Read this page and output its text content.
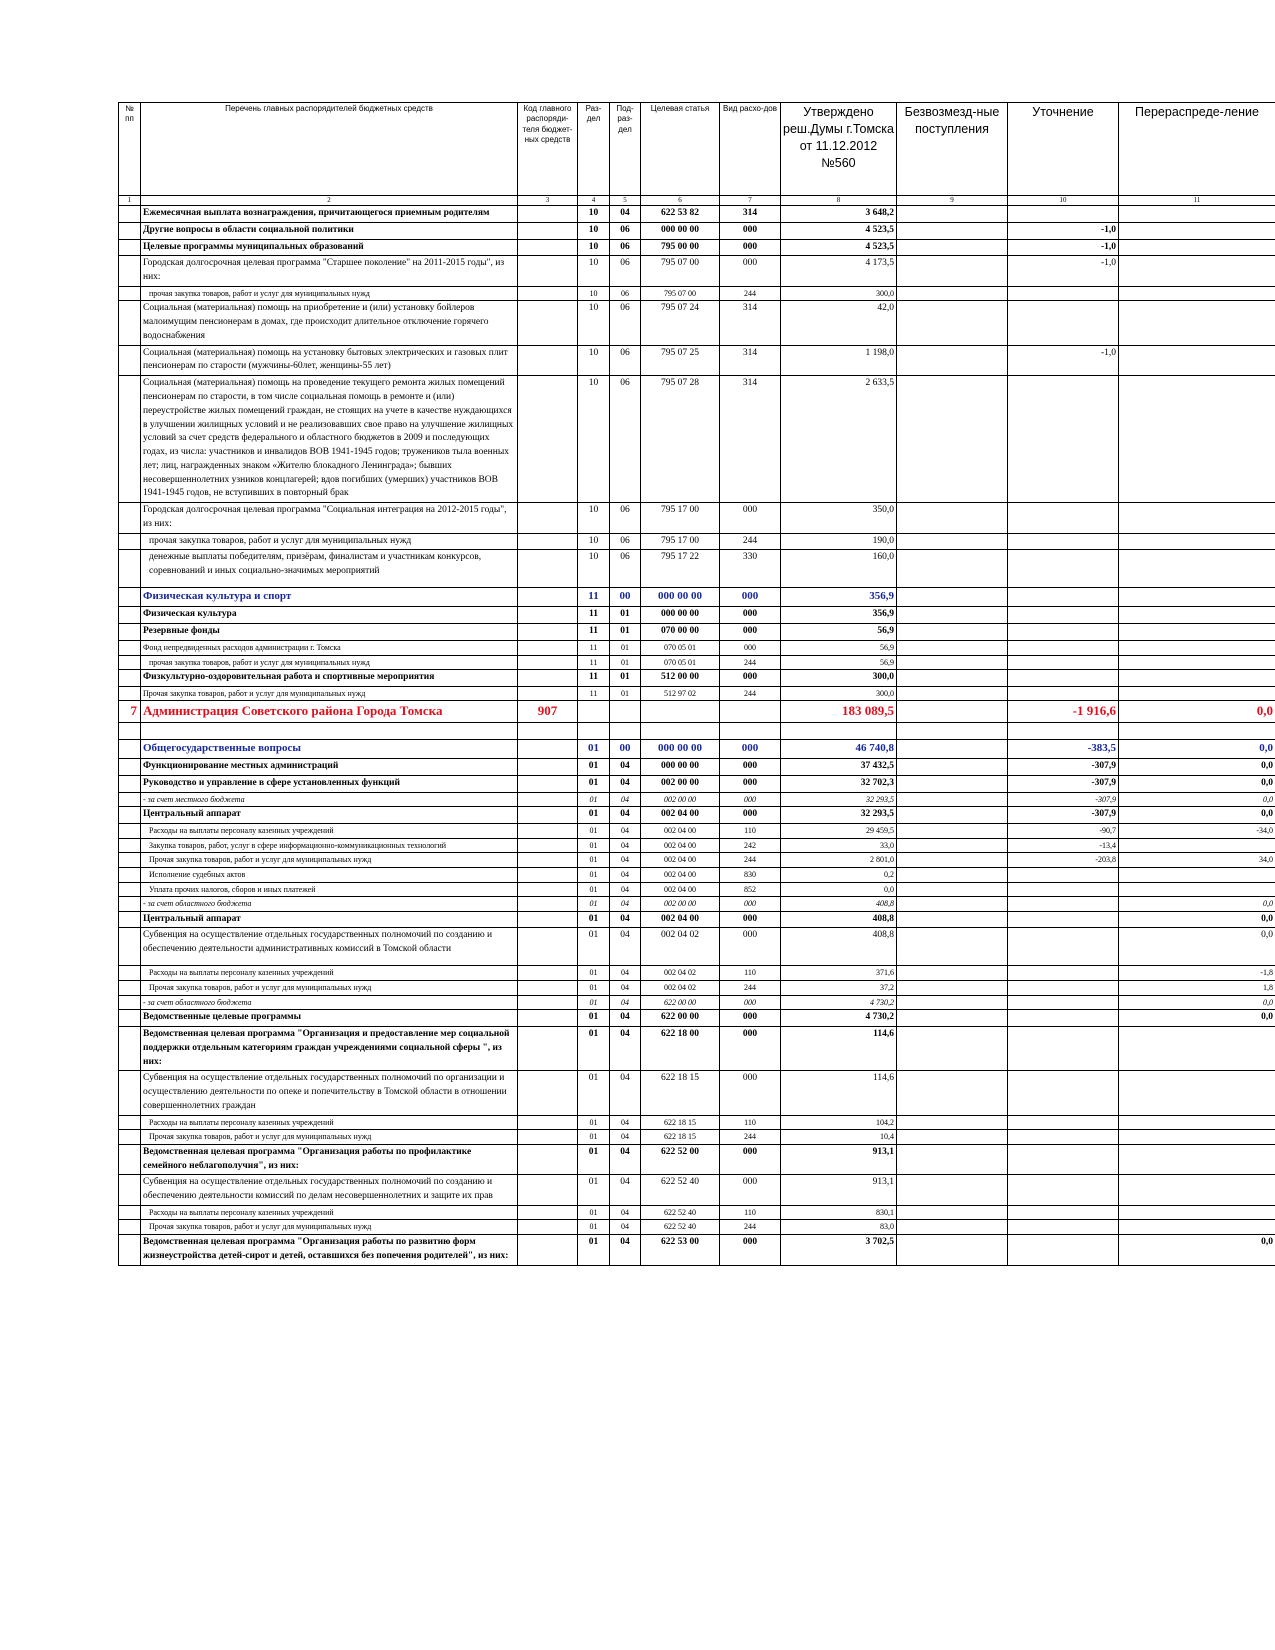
№ пп	Перечень главных распорядителей бюджетных средств	Код главного распоряди-теля бюджет-ных средств	Раз-дел	Под-раз-дел	Целевая статья	Вид расхо-дов	Утверждено реш.Думы г.Томска от 11.12.2012 №560	Безвозмезд-ные поступления	Уточнение	Перераспреде-ление
1	2	3	4	5	6	7	8	9	10	11
	Ежемесячная выплата вознаграждения, причитающегося приемным родителям		10	04	622 53 82	314	3 648,2			
	Другие вопросы в области социальной политики		10	06	000 00 00	000	4 523,5		-1,0	
	Целевые программы муниципальных образований		10	06	795 00 00	000	4 523,5		-1,0	
	Городская долгосрочная целевая программа "Старшее поколение" на 2011-2015 годы", из них:		10	06	795 07 00	000	4 173,5		-1,0	
	прочая закупка товаров, работ и услуг для муниципальных нужд		10	06	795 07 00	244	300,0			
	Социальная (материальная) помощь на приобретение и (или) установку бойлеров малоимущим пенсионерам в домах, где происходит длительное отключение горячего водоснабжения		10	06	795 07 24	314	42,0			
	Социальная (материальная) помощь на установку бытовых электрических и газовых плит пенсионерам по старости (мужчины-60лет, женщины-55 лет)		10	06	795 07 25	314	1 198,0		-1,0	
	Социальная (материальная) помощь на проведение текущего ремонта жилых помещений пенсионерам по старости, в том числе социальная помощь в ремонте и (или) переустройстве жилых помещений граждан, не стоящих на учете в качестве нуждающихся в улучшении жилищных условий и не реализовавших свое право на улучшение жилищных условий за счет средств федерального и областного бюджетов в 2009 и последующих годах, из числа: участников и инвалидов ВОВ 1941-1945 годов; тружеников тыла военных лет; лиц, награжденных знаком «Жителю блокадного Ленинграда»; бывших несовершеннолетних узников концлагерей; вдов погибших (умерших) участников ВОВ 1941-1945 годов, не вступивших в повторный брак		10	06	795 07 28	314	2 633,5			
	Городская долгосрочная целевая программа "Социальная интеграция на 2012-2015 годы", из них:		10	06	795 17 00	000	350,0			
	прочая закупка товаров, работ и услуг для муниципальных нужд		10	06	795 17 00	244	190,0			
	денежные выплаты победителям, призёрам, финалистам и участникам конкурсов, соревнований и иных социально-значимых мероприятий		10	06	795 17 22	330	160,0			
	Физическая культура и спорт		11	00	000 00 00	000	356,9			
	Физическая культура		11	01	000 00 00	000	356,9			
	Резервные фонды		11	01	070 00 00	000	56,9			
	Фонд непредвиденных расходов администрации г. Томска		11	01	070 05 01	000	56,9			
	прочая закупка товаров, работ и услуг для муниципальных нужд		11	01	070 05 01	244	56,9			
	Физкультурно-оздоровительная работа и спортивные мероприятия		11	01	512 00 00	000	300,0			
	Прочая закупка товаров, работ и услуг для муниципальных нужд		11	01	512 97 02	244	300,0			
7	Администрация Советского района Города Томска	907					183 089,5		-1 916,6	0,0

	Общегосударственные вопросы		01	00	000 00 00	000	46 740,8		-383,5	0,0
	Функционирование местных администраций		01	04	000 00 00	000	37 432,5		-307,9	0,0
	Руководство и управление в сфере установленных функций		01	04	002 00 00	000	32 702,3		-307,9	0,0
	- за счет местного бюджета		01	04	002 00 00	000	32 293,5		-307,9	0,0
	Центральный аппарат		01	04	002 04 00	000	32 293,5		-307,9	0,0
	Расходы на выплаты персоналу казенных учреждений		01	04	002 04 00	110	29 459,5		-90,7	-34,0
	Закупка товаров, работ, услуг в сфере информационно-коммуникационных технологий		01	04	002 04 00	242	33,0		-13,4	
	Прочая закупка товаров, работ и услуг для муниципальных нужд		01	04	002 04 00	244	2 801,0		-203,8	34,0
	Исполнение судебных актов		01	04	002 04 00	830	0,2			
	Уплата прочих налогов, сборов и иных платежей		01	04	002 04 00	852	0,0			
	- за счет областного бюджета		01	04	002 00 00	000	408,8			0,0
	Центральный аппарат		01	04	002 04 00	000	408,8			0,0
	Субвенция на осуществление отдельных государственных полномочий по созданию и обеспечению деятельности административных комиссий в Томской области		01	04	002 04 02	000	408,8			0,0
	Расходы на выплаты персоналу казенных учреждений		01	04	002 04 02	110	371,6			-1,8
	Прочая закупка товаров, работ и услуг для муниципальных нужд		01	04	002 04 02	244	37,2			1,8
	- за счет областного бюджета		01	04	622 00 00	000	4 730,2			0,0
	Ведомственные целевые программы		01	04	622 00 00	000	4 730,2			0,0
	Ведомственная целевая программа "Организация и предоставление мер социальной поддержки отдельным категориям граждан учреждениями социальной сферы ", из них:		01	04	622 18 00	000	114,6			
	Субвенция на осуществление отдельных государственных полномочий по организации и осуществлению деятельности по опеке и попечительству в Томской области в отношении совершеннолетних граждан		01	04	622 18 15	000	114,6			
	Расходы на выплаты персоналу казенных учреждений		01	04	622 18 15	110	104,2			
	Прочая закупка товаров, работ и услуг для муниципальных нужд		01	04	622 18 15	244	10,4			
	Ведомственная целевая программа "Организация работы по профилактике семейного неблагополучия", из них:		01	04	622 52 00	000	913,1			
	Субвенция на осуществление отдельных государственных полномочий по созданию и обеспечению деятельности комиссий по делам несовершеннолетних и защите их прав		01	04	622 52 40	000	913,1			
	Расходы на выплаты персоналу казенных учреждений		01	04	622 52 40	110	830,1			
	Прочая закупка товаров, работ и услуг для муниципальных нужд		01	04	622 52 40	244	83,0			
	Ведомственная целевая программа "Организация работы по развитию форм жизнеустройства детей-сирот и детей, оставшихся без попечения родителей", из них:		01	04	622 53 00	000	3 702,5			0,0
